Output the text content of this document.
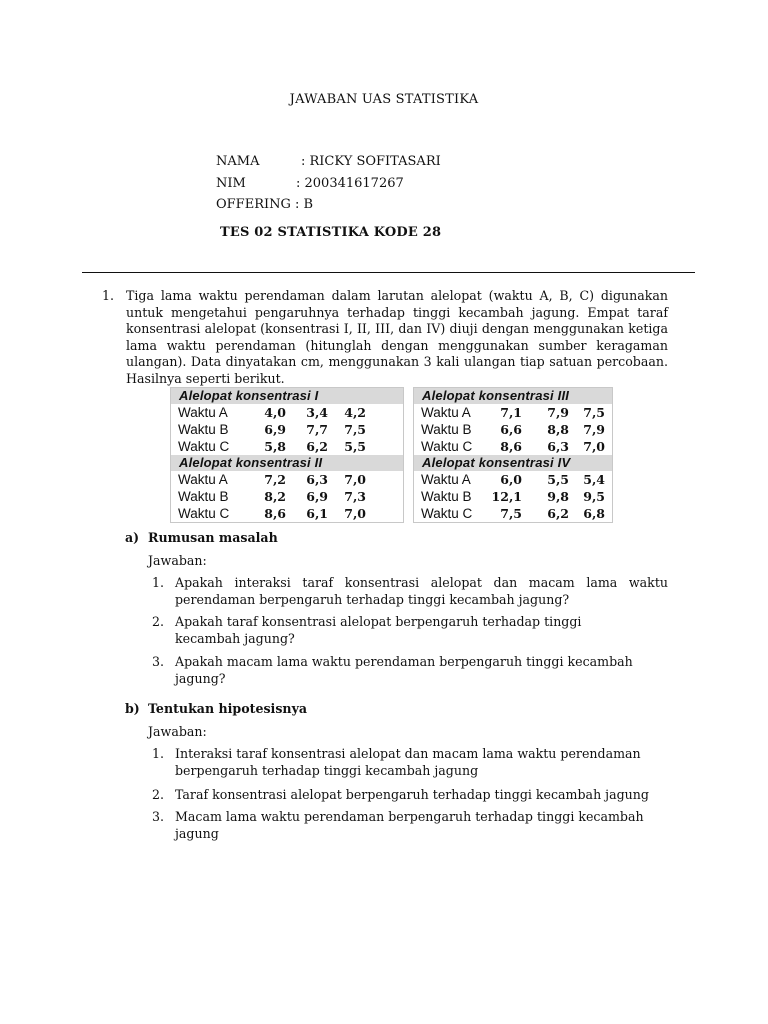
JAWABAN UAS STATISTIKA
NAMA	: RICKY SOFITASARI
NIM	: 200341617267
OFFERING : B
TES 02 STATISTIKA KODE 28
1. Tiga lama waktu perendaman dalam larutan alelopat (waktu A, B, C) digunakan untuk mengetahui pengaruhnya terhadap tinggi kecambah jagung. Empat taraf konsentrasi alelopat (konsentrasi I, II, III, dan IV) diuji dengan menggunakan ketiga lama waktu perendaman (hitunglah dengan menggunakan sumber keragaman ulangan). Data dinyatakan cm, menggunakan 3 kali ulangan tiap satuan percobaan. Hasilnya seperti berikut.
Alelopat konsentrasi I
Waktu A	4,0	3,4	4,2
Waktu B	6,9	7,7	7,5
Waktu C	5,8	6,2	5,5
Alelopat konsentrasi II
Waktu A	7,2	6,3	7,0
Waktu B	8,2	6,9	7,3
Waktu C	8,6	6,1	7,0
Alelopat konsentrasi III
Waktu A	7,1	7,9	7,5
Waktu B	6,6	8,8	7,9
Waktu C	8,6	6,3	7,0
Alelopat konsentrasi IV
Waktu A	6,0	5,5	5,4
Waktu B	12,1	9,8	9,5
Waktu C	7,5	6,2	6,8
a) Rumusan masalah
Jawaban:
1. Apakah interaksi taraf konsentrasi alelopat dan macam lama waktu perendaman berpengaruh terhadap tinggi kecambah jagung?
2. Apakah taraf konsentrasi alelopat berpengaruh terhadap tinggi kecambah jagung?
3. Apakah macam lama waktu perendaman berpengaruh tinggi kecambah jagung?
b) Tentukan hipotesisnya
Jawaban:
1. Interaksi taraf konsentrasi alelopat dan macam lama waktu perendaman berpengaruh terhadap tinggi kecambah jagung
2. Taraf konsentrasi alelopat berpengaruh terhadap tinggi kecambah jagung
3. Macam lama waktu perendaman berpengaruh terhadap tinggi kecambah jagung
